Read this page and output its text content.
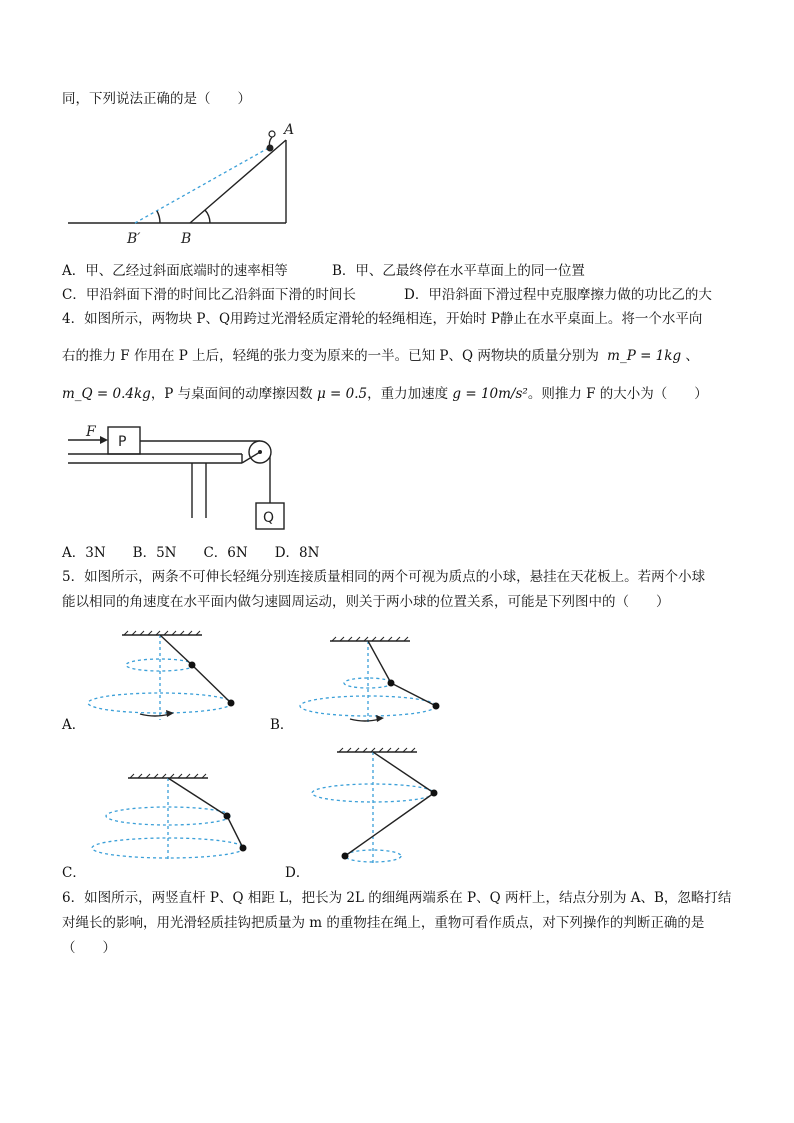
同，下列说法正确的是（　　）
A
B
B′
A．甲、乙经过斜面底端时的速率相等	B．甲、乙最终停在水平草面上的同一位置
C．甲沿斜面下滑的时间比乙沿斜面下滑的时间长	D．甲沿斜面下滑过程中克服摩擦力做的功比乙的大
4．如图所示，两物块 P、Q用跨过光滑轻质定滑轮的轻绳相连，开始时 P静止在水平桌面上。将一个水平向
右的推力 F 作用在 P 上后，轻绳的张力变为原来的一半。已知 P、Q 两物块的质量分别为 m_P = 1kg 、
m_Q = 0.4kg，P 与桌面间的动摩擦因数 μ = 0.5，重力加速度 g = 10m/s²。则推力 F 的大小为（　　）
F
P
Q
A．3N　　B．5N　　C．6N　　D．8N
5．如图所示，两条不可伸长轻绳分别连接质量相同的两个可视为质点的小球，悬挂在天花板上。若两个小球
能以相同的角速度在水平面内做匀速圆周运动，则关于两小球的位置关系，可能是下列图中的（　　）
A．	B．
C．	D．
6．如图所示，两竖直杆 P、Q 相距 L，把长为 2L 的细绳两端系在 P、Q 两杆上，结点分别为 A、B，忽略打结
对绳长的影响，用光滑轻质挂钩把质量为 m 的重物挂在绳上，重物可看作质点，对下列操作的判断正确的是
（　　）
